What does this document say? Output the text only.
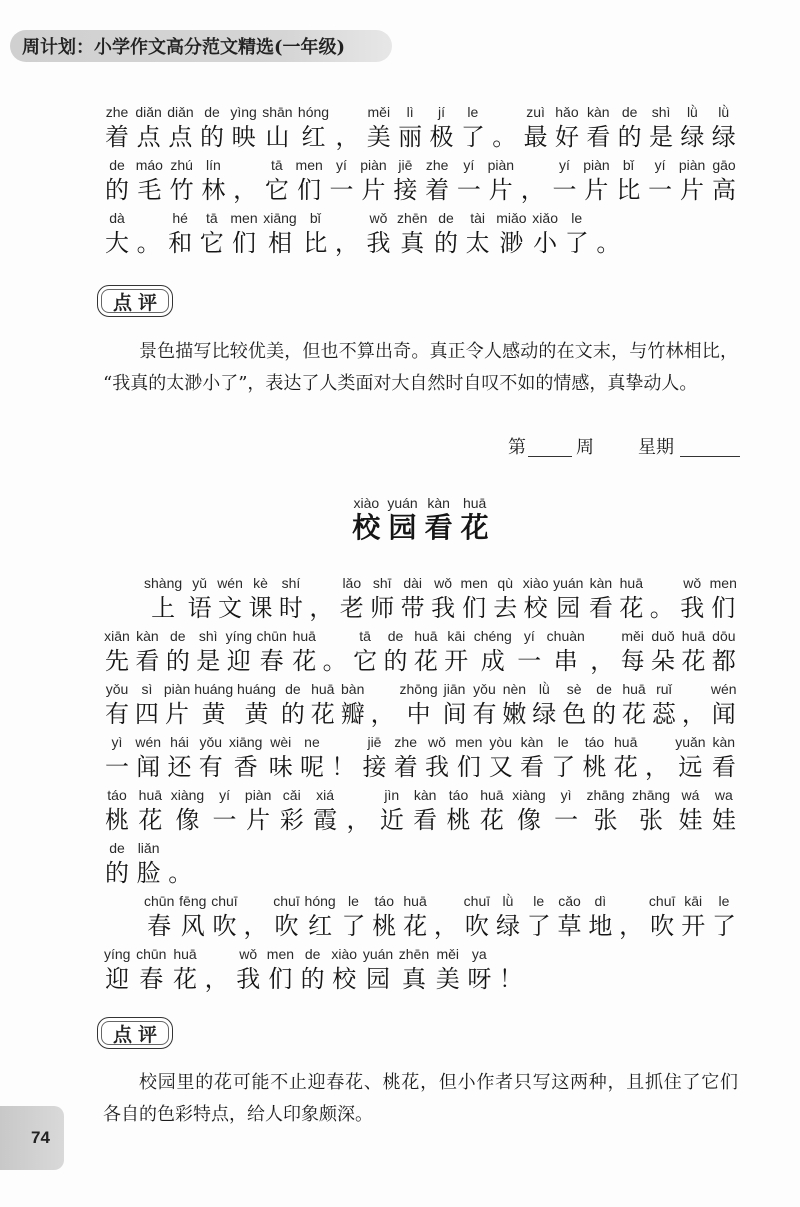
周计划：小学作文高分范文精选(一年级)
zhe
着
diǎn
点
diǎn
点
de
的
yìng
映
shān
山
hóng
红 ，
měi
美
lì
丽
jí
极
le
了 。
zuì
最
hǎo
好
kàn
看
de
的
shì
是
lǜ
绿
lǜ
绿
de
的
máo
毛
zhú
竹
lín
林 ，
tā
它
men
们
yí
一
piàn
片
jiē
接
zhe
着
yí
一
piàn
片 ，
yí
一
piàn
片
bǐ
比
yí
一
piàn
片
gāo
高
dà
大 。
hé
和
tā
它
men
们
xiāng
相
bǐ
比 ，
wǒ
我
zhēn
真
de
的
tài
太
miǎo
渺
xiǎo
小
le
了 。
点评
景色描写比较优美，但也不算出奇。真正令人感动的在文末，与竹林相比，
“我真的太渺小了”，表达了人类面对大自然时自叹不如的情感，真挚动人。
第	周 星期
xiào
校
yuán
园
kàn
看
huā
花
shàng
上
yǔ
语
wén
文
kè
课
shí
时 ，
lǎo
老
shī
师
dài
带
wǒ
我
men
们
qù
去
xiào
校
yuán
园
kàn
看
huā
花 。
wǒ
我
men
们
xiān
先
kàn
看
de
的
shì
是
yíng
迎
chūn
春
huā
花 。
tā
它
de
的
huā
花
kāi
开
chéng
成
yí
一
chuàn
串 ，
měi
每
duǒ
朵
huā
花
dōu
都
yǒu
有
sì
四
piàn
片
huáng
黄
huáng
黄
de
的
huā
花
bàn
瓣 ，
zhōng
中
jiān
间
yǒu
有
nèn
嫩
lǜ
绿
sè
色
de
的
huā
花
ruǐ
蕊 ，
wén
闻
yì
一
wén
闻
hái
还
yǒu
有
xiāng
香
wèi
味
ne
呢 ！
jiē
接
zhe
着
wǒ
我
men
们
yòu
又
kàn
看
le
了
táo
桃
huā
花 ，
yuǎn
远
kàn
看
táo
桃
huā
花
xiàng
像
yí
一
piàn
片
cǎi
彩
xiá
霞 ，
jìn
近
kàn
看
táo
桃
huā
花
xiàng
像
yì
一
zhāng
张
zhāng
张
wá
娃
wa
娃
de
的
liǎn
脸 。
chūn
春
fēng
风
chuī
吹 ，
chuī
吹
hóng
红
le
了
táo
桃
huā
花 ，
chuī
吹
lǜ
绿
le
了
cǎo
草
dì
地 ，
chuī
吹
kāi
开
le
了
yíng
迎
chūn
春
huā
花 ，
wǒ
我
men
们
de
的
xiào
校
yuán
园
zhēn
真
měi
美
ya
呀 ！
点评
校园里的花可能不止迎春花、桃花，但小作者只写这两种，且抓住了它们
各自的色彩特点，给人印象颇深。
74
